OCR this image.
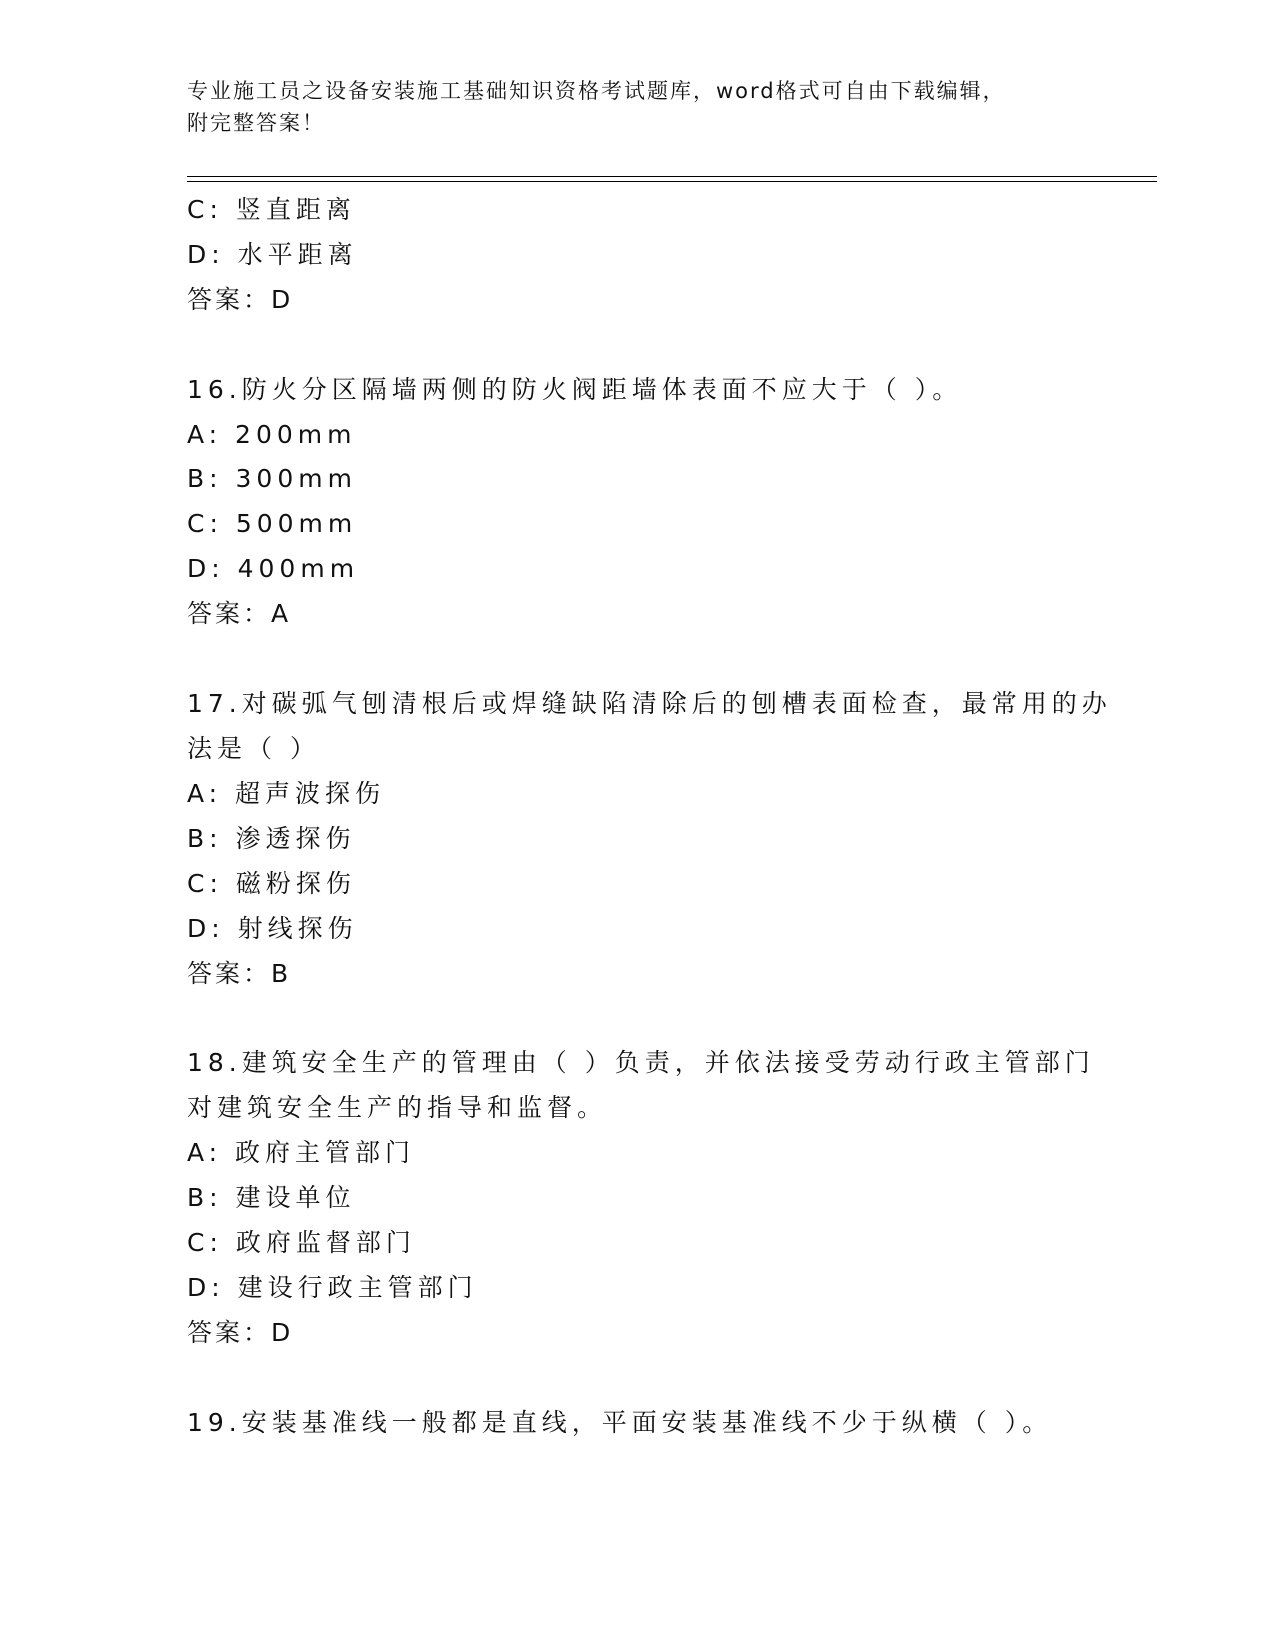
专业施工员之设备安装施工基础知识资格考试题库，word格式可自由下载编辑，
附完整答案！
C: 竖直距离
D: 水平距离
答案：D
16.防火分区隔墙两侧的防火阀距墙体表面不应大于（ ）。
A: 200mm
B: 300mm
C: 500mm
D: 400mm
答案：A
17.对碳弧气刨清根后或焊缝缺陷清除后的刨槽表面检查，最常用的办
法是（ ）
A: 超声波探伤
B: 渗透探伤
C: 磁粉探伤
D: 射线探伤
答案：B
18.建筑安全生产的管理由（ ）负责，并依法接受劳动行政主管部门
对建筑安全生产的指导和监督。
A: 政府主管部门
B: 建设单位
C: 政府监督部门
D: 建设行政主管部门
答案：D
19.安装基准线一般都是直线，平面安装基准线不少于纵横（ ）。
